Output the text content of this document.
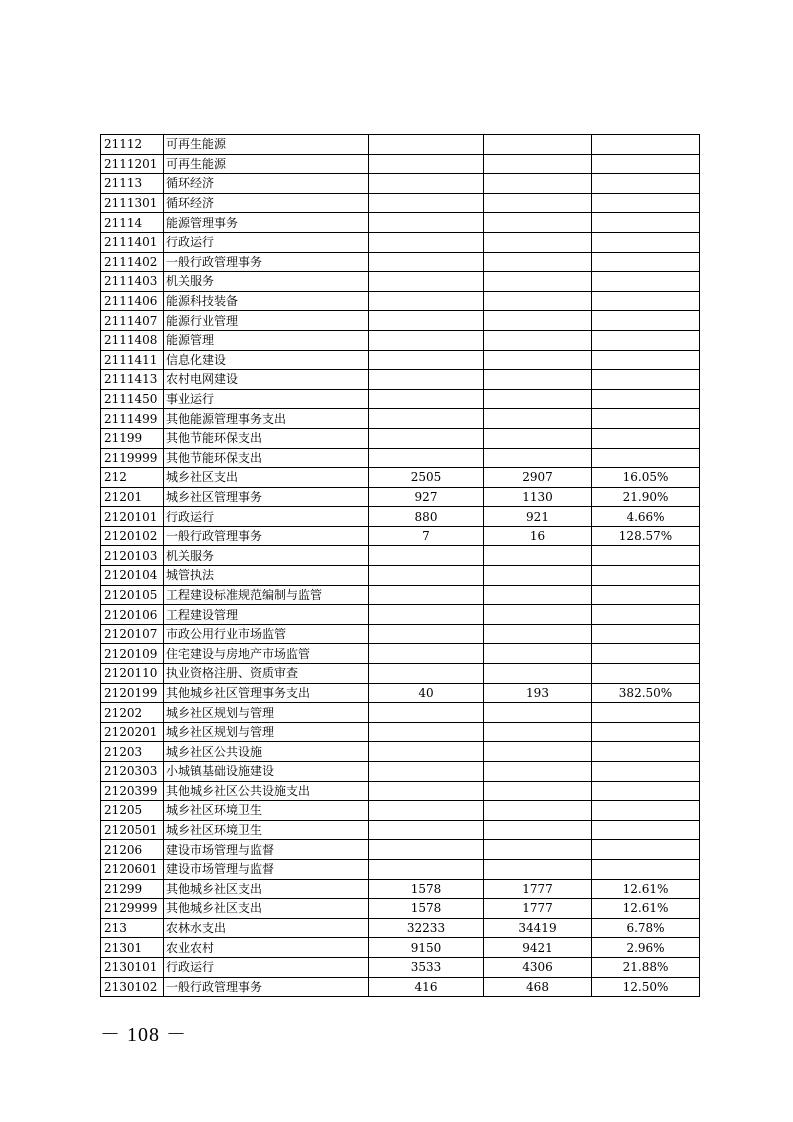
21112	可再生能源			
2111201	可再生能源			
21113	循环经济			
2111301	循环经济			
21114	能源管理事务			
2111401	行政运行			
2111402	一般行政管理事务			
2111403	机关服务			
2111406	能源科技装备			
2111407	能源行业管理			
2111408	能源管理			
2111411	信息化建设			
2111413	农村电网建设			
2111450	事业运行			
2111499	其他能源管理事务支出			
21199	其他节能环保支出			
2119999	其他节能环保支出			
212	城乡社区支出	2505	2907	16.05%
21201	城乡社区管理事务	927	1130	21.90%
2120101	行政运行	880	921	4.66%
2120102	一般行政管理事务	7	16	128.57%
2120103	机关服务			
2120104	城管执法			
2120105	工程建设标准规范编制与监管			
2120106	工程建设管理			
2120107	市政公用行业市场监管			
2120109	住宅建设与房地产市场监管			
2120110	执业资格注册、资质审查			
2120199	其他城乡社区管理事务支出	40	193	382.50%
21202	城乡社区规划与管理			
2120201	城乡社区规划与管理			
21203	城乡社区公共设施			
2120303	小城镇基础设施建设			
2120399	其他城乡社区公共设施支出			
21205	城乡社区环境卫生			
2120501	城乡社区环境卫生			
21206	建设市场管理与监督			
2120601	建设市场管理与监督			
21299	其他城乡社区支出	1578	1777	12.61%
2129999	其他城乡社区支出	1578	1777	12.61%
213	农林水支出	32233	34419	6.78%
21301	农业农村	9150	9421	2.96%
2130101	行政运行	3533	4306	21.88%
2130102	一般行政管理事务	416	468	12.50%
－ 108 －
